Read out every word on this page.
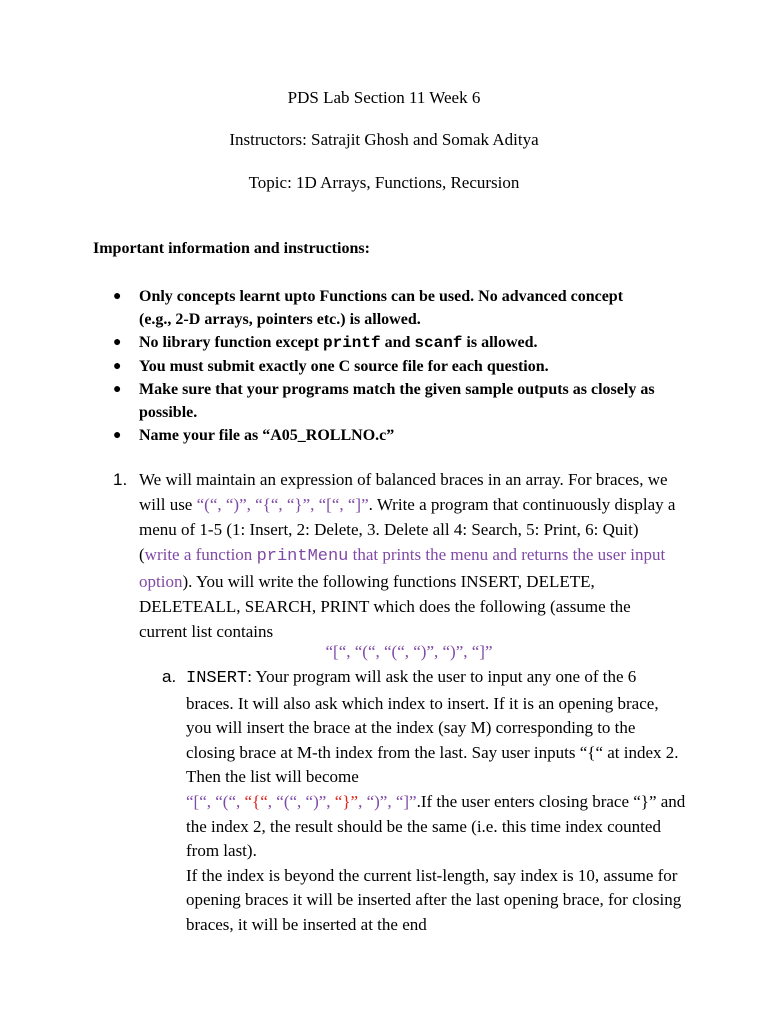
PDS Lab Section 11 Week 6
Instructors: Satrajit Ghosh and Somak Aditya
Topic: 1D Arrays, Functions, Recursion
Important information and instructions:
● Only concepts learnt upto Functions can be used. No advanced concept (e.g., 2-D arrays, pointers etc.) is allowed.
● No library function except printf and scanf is allowed.
● You must submit exactly one C source file for each question.
● Make sure that your programs match the given sample outputs as closely as possible.
● Name your file as “A05_ROLLNO.c”
1. We will maintain an expression of balanced braces in an array. For braces, we will use “(“, “)”, “{“, “}”, “[“, “]”. Write a program that continuously display a menu of 1-5 (1: Insert, 2: Delete, 3. Delete all 4: Search, 5: Print, 6: Quit) (write a function printMenu that prints the menu and returns the user input option). You will write the following functions INSERT, DELETE, DELETEALL, SEARCH, PRINT which does the following (assume the current list contains

“[“, “(“, “(“, “)”, “)”, “]”
a. INSERT: Your program will ask the user to input any one of the 6 braces. It will also ask which index to insert. If it is an opening brace, you will insert the brace at the index (say M) corresponding to the closing brace at M-th index from the last. Say user inputs “{“ at index 2. Then the list will become

“[“, “(“, “{“, “(“, “)”, “}”, “)”, “]”.If the user enters closing brace “}” and the index 2, the result should be the same (i.e. this time index counted from last).

If the index is beyond the current list-length, say index is 10, assume for opening braces it will be inserted after the last opening brace, for closing braces, it will be inserted at the end
